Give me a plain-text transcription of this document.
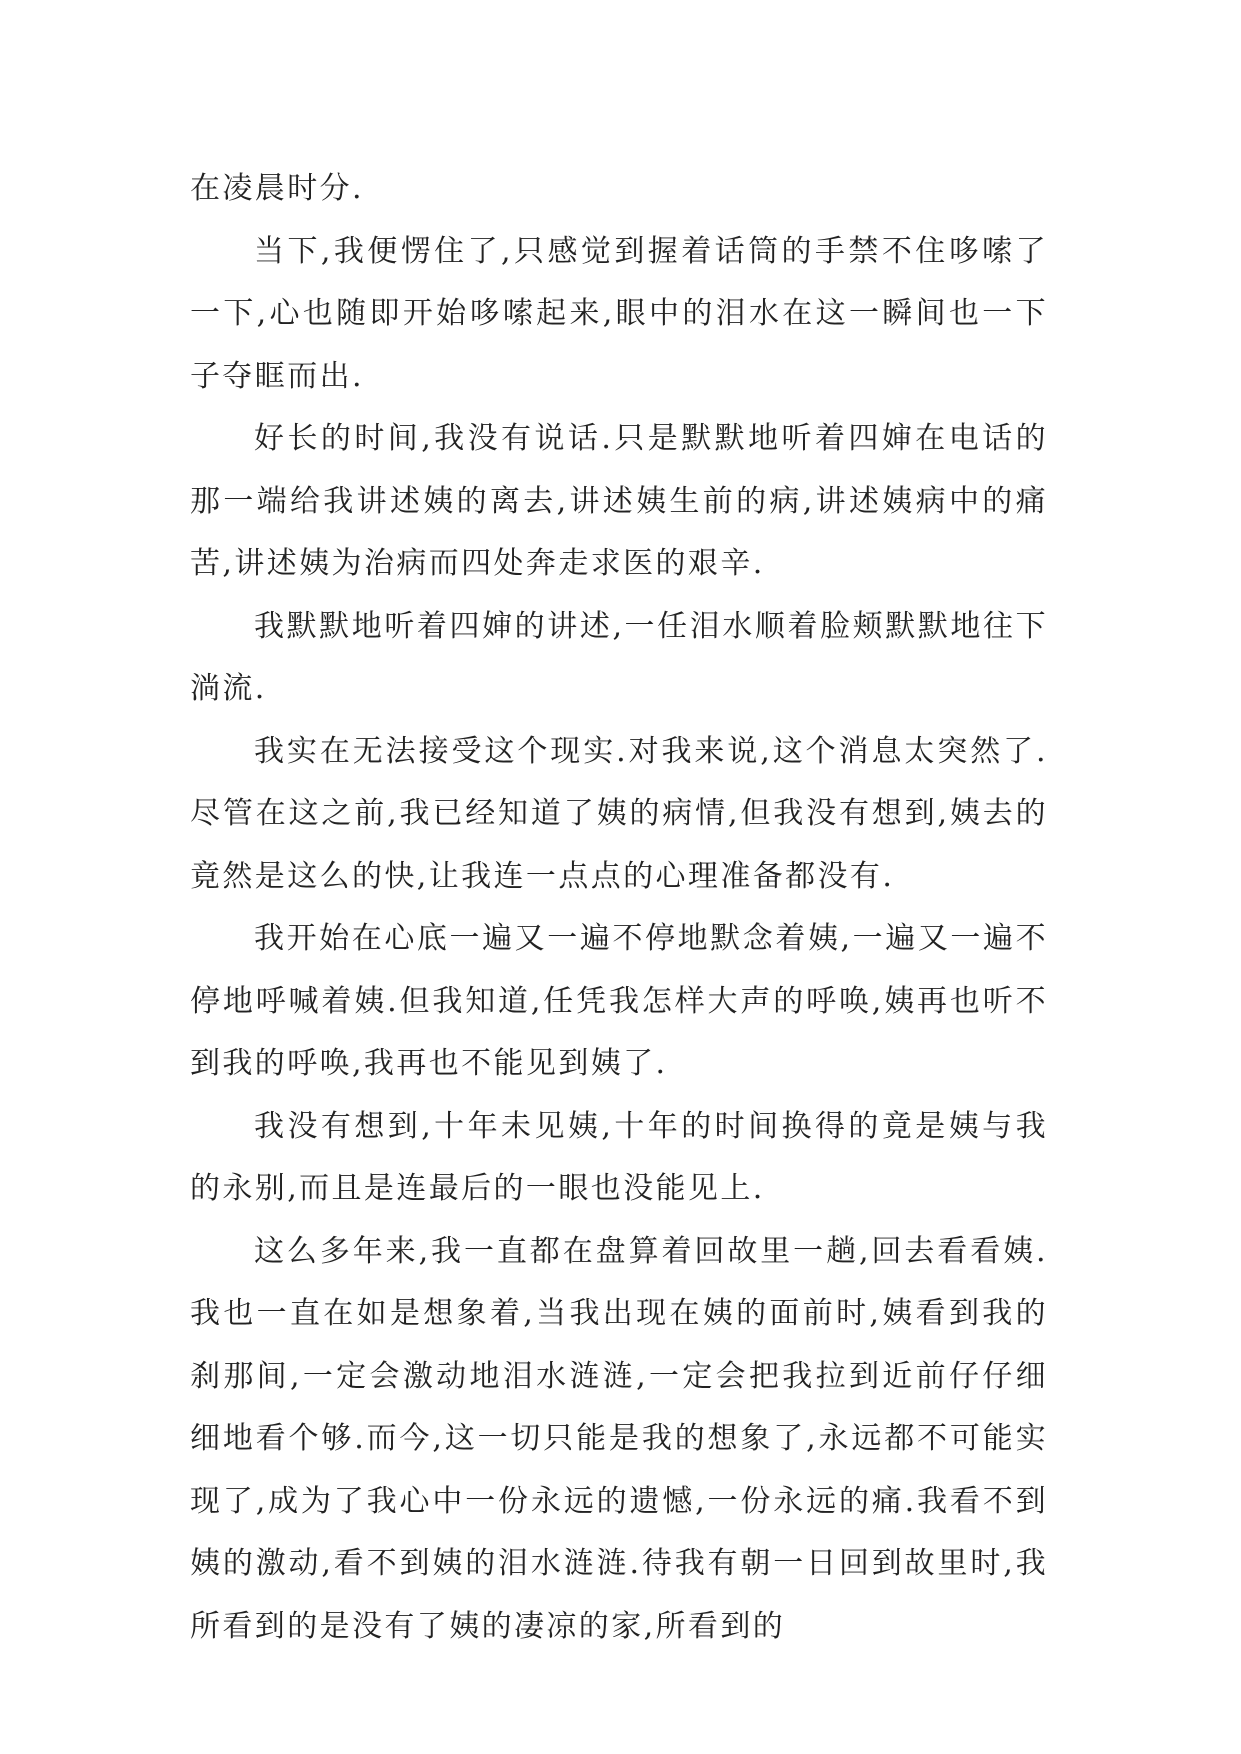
在凌晨时分.

当下,我便愣住了,只感觉到握着话筒的手禁不住哆嗦了一下,心也随即开始哆嗦起来,眼中的泪水在这一瞬间也一下子夺眶而出.

好长的时间,我没有说话.只是默默地听着四婶在电话的那一端给我讲述姨的离去,讲述姨生前的病,讲述姨病中的痛苦,讲述姨为治病而四处奔走求医的艰辛.

我默默地听着四婶的讲述,一任泪水顺着脸颊默默地往下淌流.

我实在无法接受这个现实.对我来说,这个消息太突然了.尽管在这之前,我已经知道了姨的病情,但我没有想到,姨去的竟然是这么的快,让我连一点点的心理准备都没有.

我开始在心底一遍又一遍不停地默念着姨,一遍又一遍不停地呼喊着姨.但我知道,任凭我怎样大声的呼唤,姨再也听不到我的呼唤,我再也不能见到姨了.

我没有想到,十年未见姨,十年的时间换得的竟是姨与我的永别,而且是连最后的一眼也没能见上.

这么多年来,我一直都在盘算着回故里一趟,回去看看姨.我也一直在如是想象着,当我出现在姨的面前时,姨看到我的刹那间,一定会激动地泪水涟涟,一定会把我拉到近前仔仔细细地看个够.而今,这一切只能是我的想象了,永远都不可能实现了,成为了我心中一份永远的遗憾,一份永远的痛.我看不到姨的激动,看不到姨的泪水涟涟.待我有朝一日回到故里时,我所看到的是没有了姨的凄凉的家,所看到的
